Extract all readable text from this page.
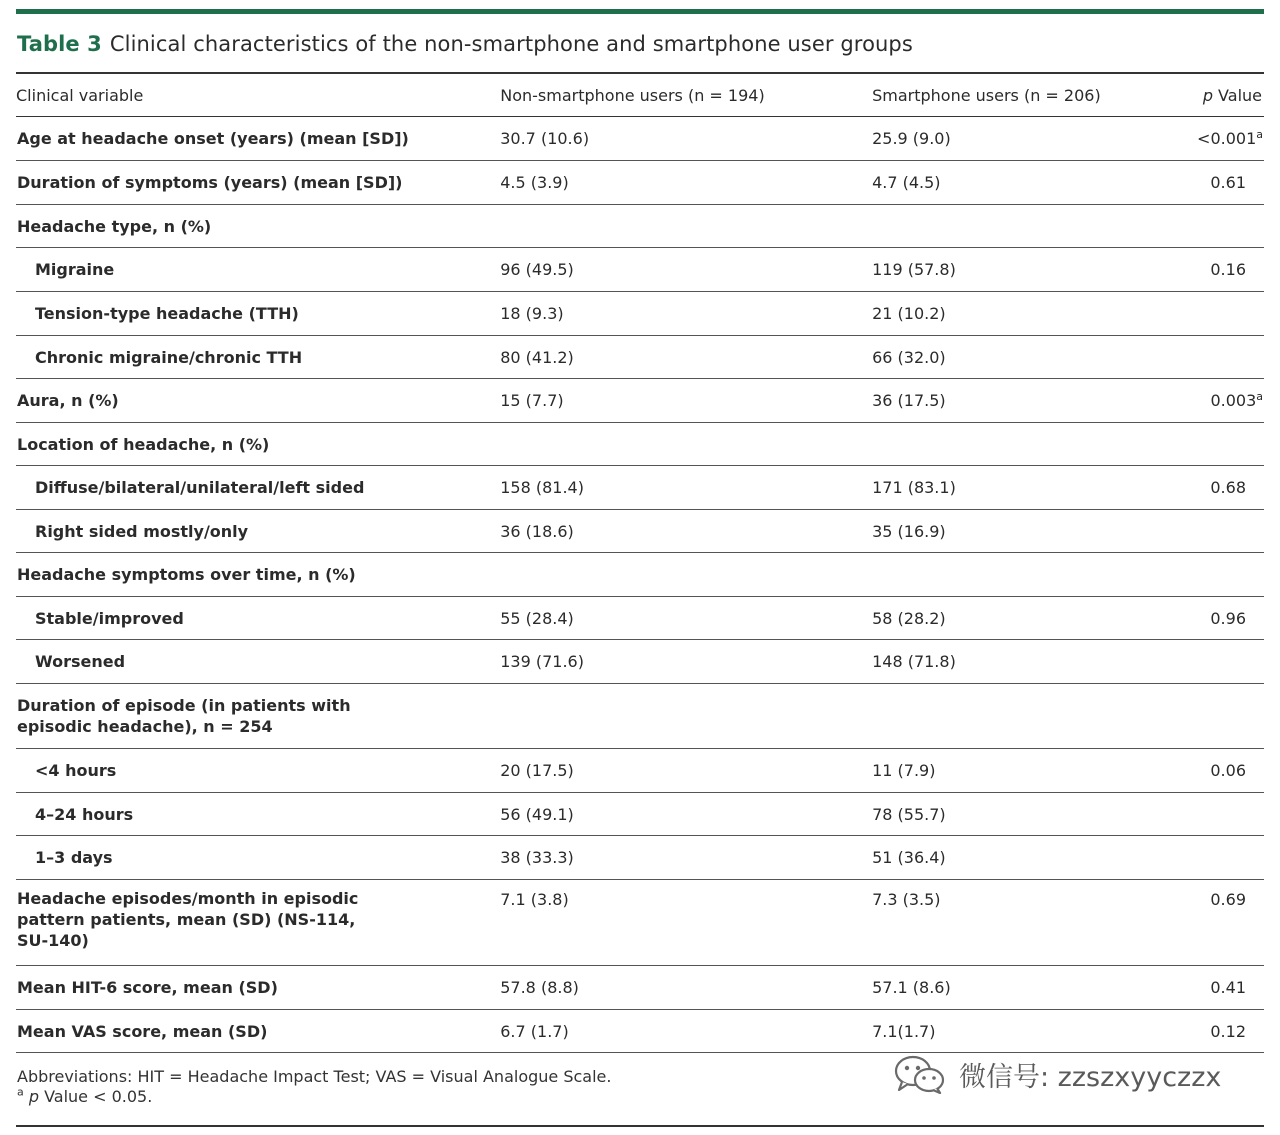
Table 3 Clinical characteristics of the non-smartphone and smartphone user groups
Clinical variable	Non-smartphone users (n = 194)	Smartphone users (n = 206)	p Value
Age at headache onset (years) (mean [SD])	30.7 (10.6)	25.9 (9.0)	<0.001$^a$
Duration of symptoms (years) (mean [SD])	4.5 (3.9)	4.7 (4.5)	0.61
Headache type, n (%)			
Migraine	96 (49.5)	119 (57.8)	0.16
Tension-type headache (TTH)	18 (9.3)	21 (10.2)	
Chronic migraine/chronic TTH	80 (41.2)	66 (32.0)	
Aura, n (%)	15 (7.7)	36 (17.5)	0.003$^a$
Location of headache, n (%)			
Diffuse/bilateral/unilateral/left sided	158 (81.4)	171 (83.1)	0.68
Right sided mostly/only	36 (18.6)	35 (16.9)	
Headache symptoms over time, n (%)			
Stable/improved	55 (28.4)	58 (28.2)	0.96
Worsened	139 (71.6)	148 (71.8)	

Duration of episode (in patients with episodic headache), n = 254			

<4 hours	20 (17.5)	11 (7.9)	0.06
4–24 hours	56 (49.1)	78 (55.7)	
1–3 days	38 (33.3)	51 (36.4)	

Headache episodes/month in episodic pattern patients, mean (SD) (NS-114, SU-140)	7.1 (3.8)	7.3 (3.5)	0.69
Mean HIT-6 score, mean (SD)	57.8 (8.8)	57.1 (8.6)	0.41
Mean VAS score, mean (SD)	6.7 (1.7)	7.1(1.7)	0.12
Abbreviations: HIT = Headache Impact Test; VAS = Visual Analogue Scale.
$^a$ p Value < 0.05.
微信号: zzszxyyczzx
